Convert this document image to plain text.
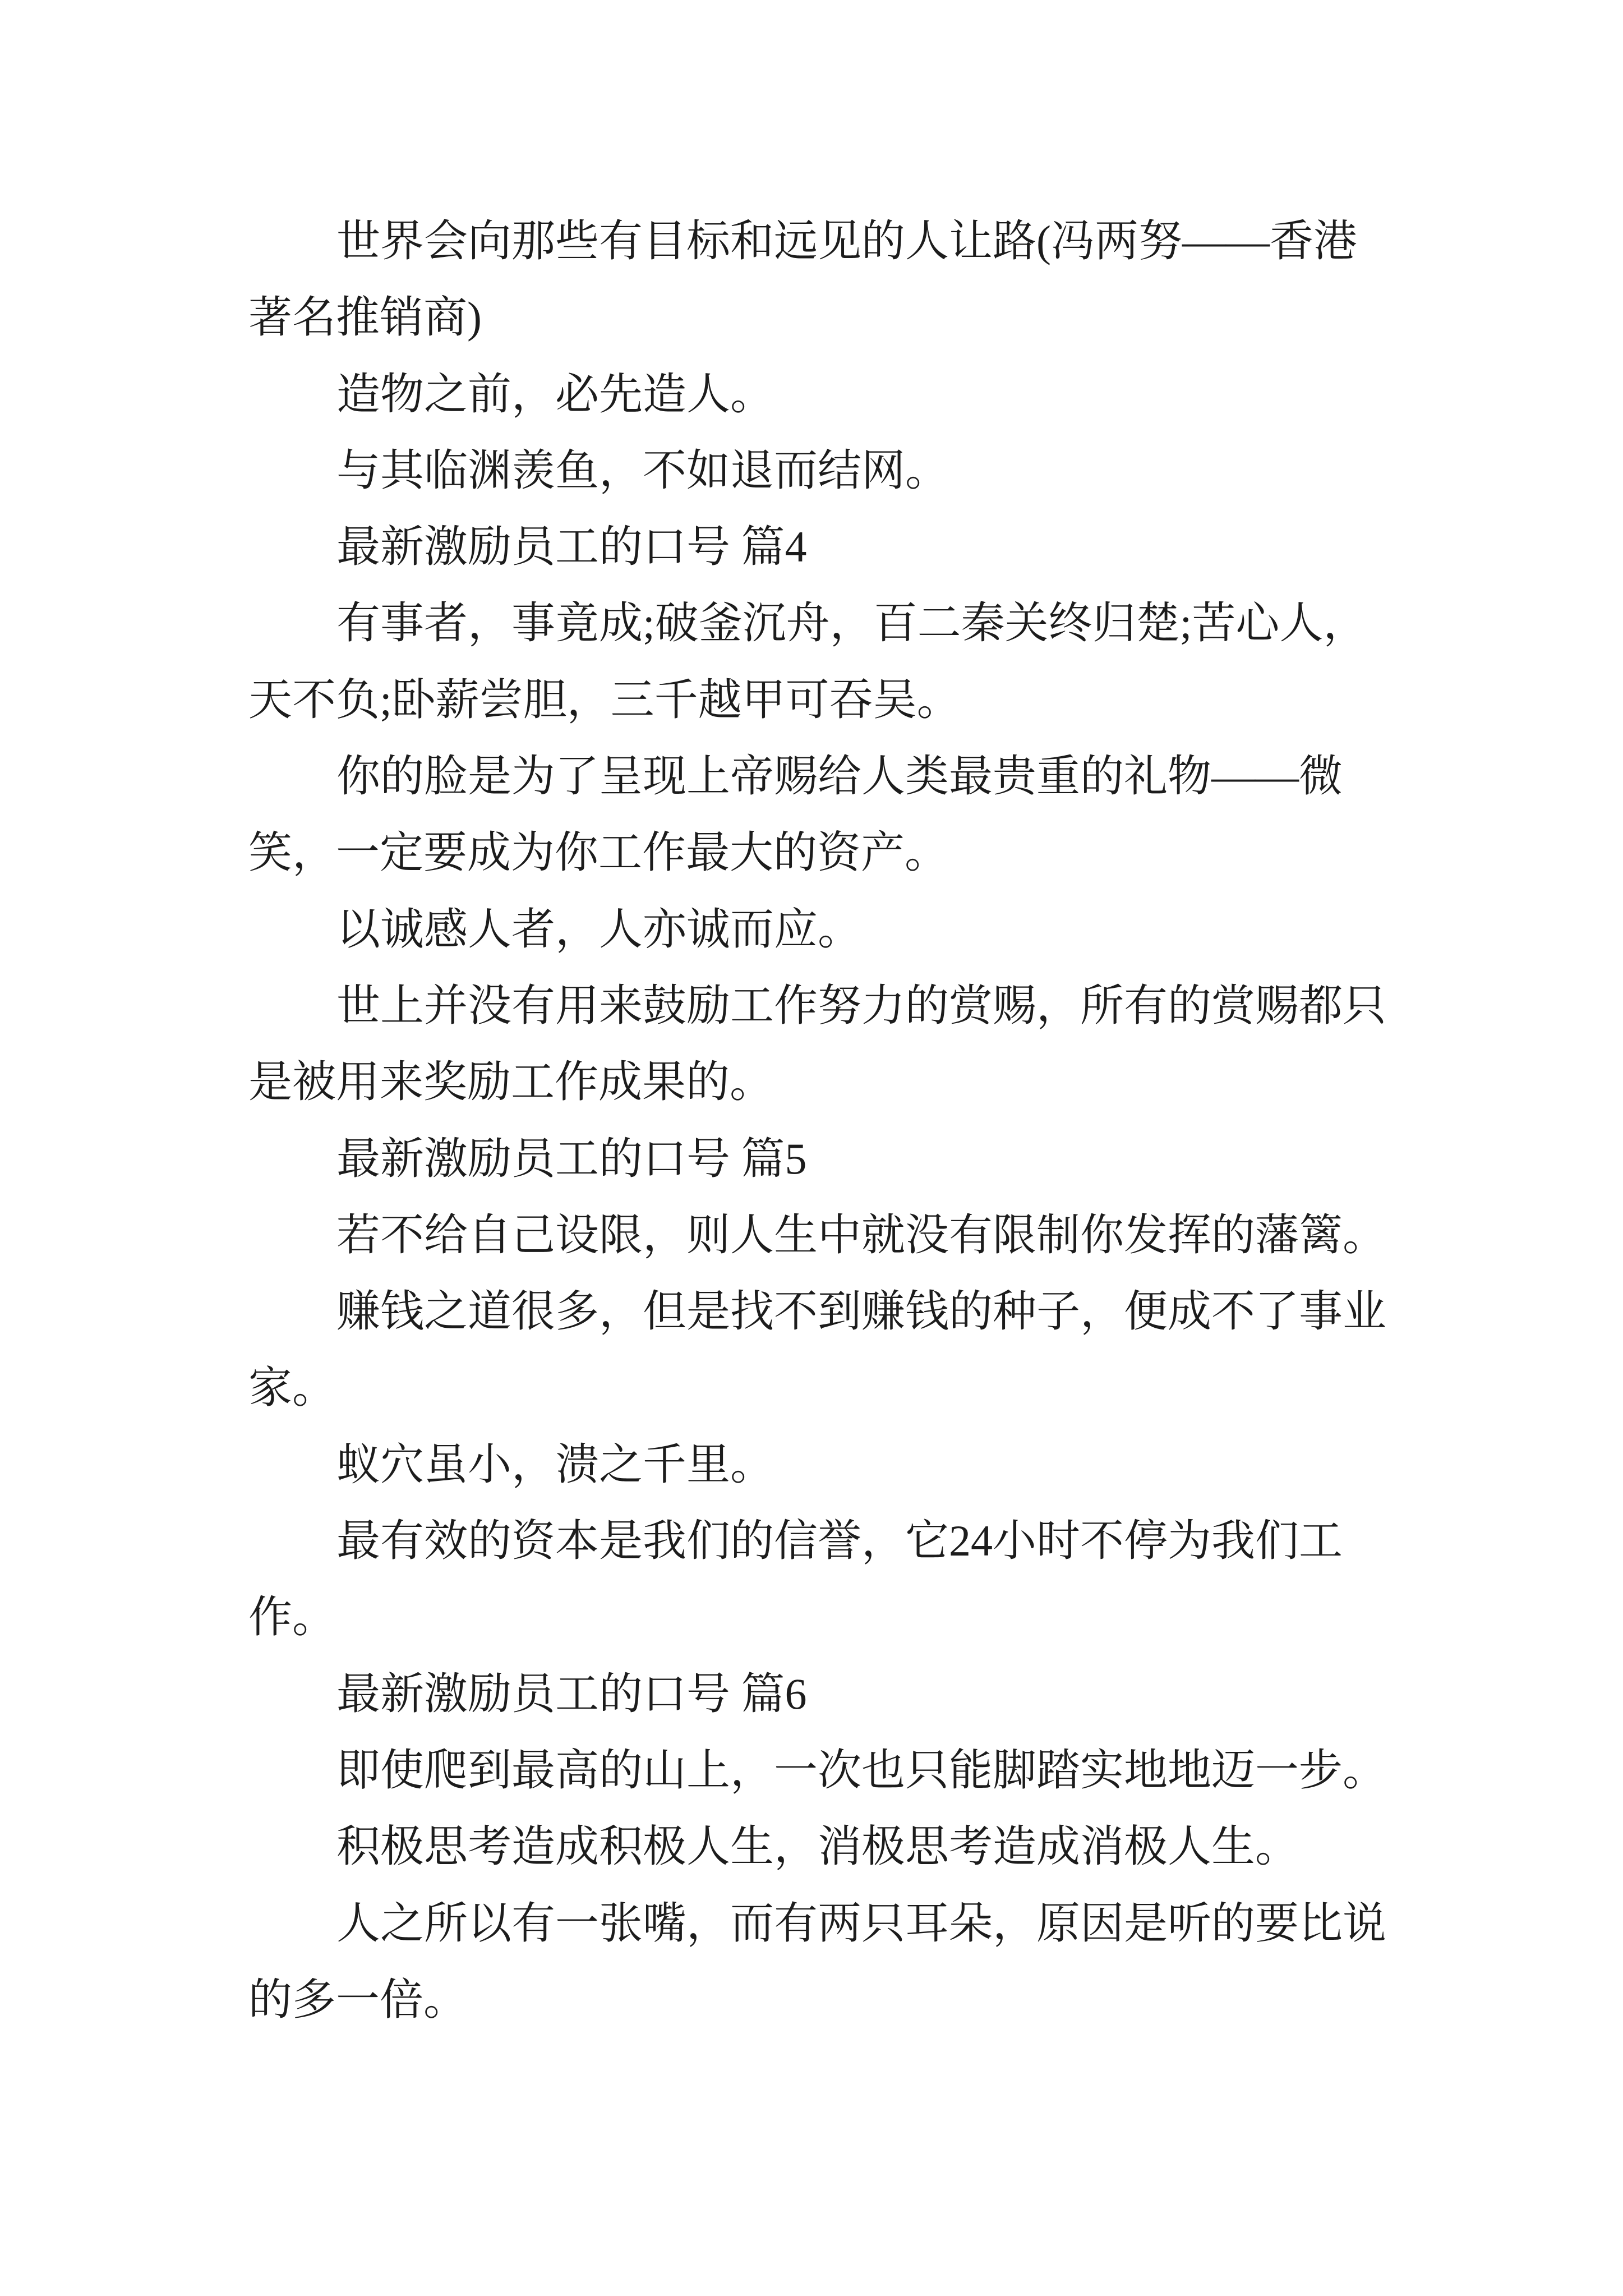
世界会向那些有目标和远见的人让路(冯两努——香港
著名推销商)
造物之前，必先造人。
与其临渊羡鱼，不如退而结网。
最新激励员工的口号 篇4
有事者，事竟成;破釜沉舟，百二秦关终归楚;苦心人，
天不负;卧薪尝胆，三千越甲可吞吴。
你的脸是为了呈现上帝赐给人类最贵重的礼物——微
笑，一定要成为你工作最大的资产。
以诚感人者，人亦诚而应。
世上并没有用来鼓励工作努力的赏赐，所有的赏赐都只
是被用来奖励工作成果的。
最新激励员工的口号 篇5
若不给自己设限，则人生中就没有限制你发挥的藩篱。
赚钱之道很多，但是找不到赚钱的种子，便成不了事业
家。
蚁穴虽小，溃之千里。
最有效的资本是我们的信誉，它24小时不停为我们工
作。
最新激励员工的口号 篇6
即使爬到最高的山上，一次也只能脚踏实地地迈一步。
积极思考造成积极人生，消极思考造成消极人生。
人之所以有一张嘴，而有两只耳朵，原因是听的要比说
的多一倍。
